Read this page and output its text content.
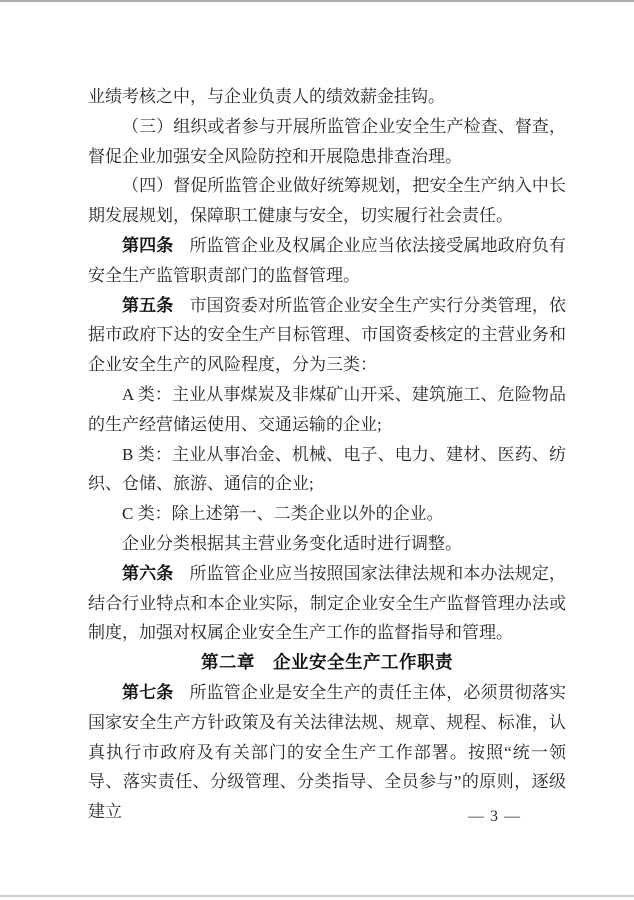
业绩考核之中，与企业负责人的绩效薪金挂钩。

（三）组织或者参与开展所监管企业安全生产检查、督查，督促企业加强安全风险防控和开展隐患排查治理。

（四）督促所监管企业做好统筹规划，把安全生产纳入中长期发展规划，保障职工健康与安全，切实履行社会责任。

第四条 所监管企业及权属企业应当依法接受属地政府负有安全生产监管职责部门的监督管理。

第五条 市国资委对所监管企业安全生产实行分类管理，依据市政府下达的安全生产目标管理、市国资委核定的主营业务和企业安全生产的风险程度，分为三类：

A 类：主业从事煤炭及非煤矿山开采、建筑施工、危险物品的生产经营储运使用、交通运输的企业;

B 类：主业从事冶金、机械、电子、电力、建材、医药、纺织、仓储、旅游、通信的企业;

C 类：除上述第一、二类企业以外的企业。

企业分类根据其主营业务变化适时进行调整。

第六条 所监管企业应当按照国家法律法规和本办法规定，结合行业特点和本企业实际，制定企业安全生产监督管理办法或制度，加强对权属企业安全生产工作的监督指导和管理。

第二章　企业安全生产工作职责

第七条 所监管企业是安全生产的责任主体，必须贯彻落实国家安全生产方针政策及有关法律法规、规章、规程、标准，认真执行市政府及有关部门的安全生产工作部署。按照“统一领导、落实责任、分级管理、分类指导、全员参与”的原则，逐级建立	— 3 —
